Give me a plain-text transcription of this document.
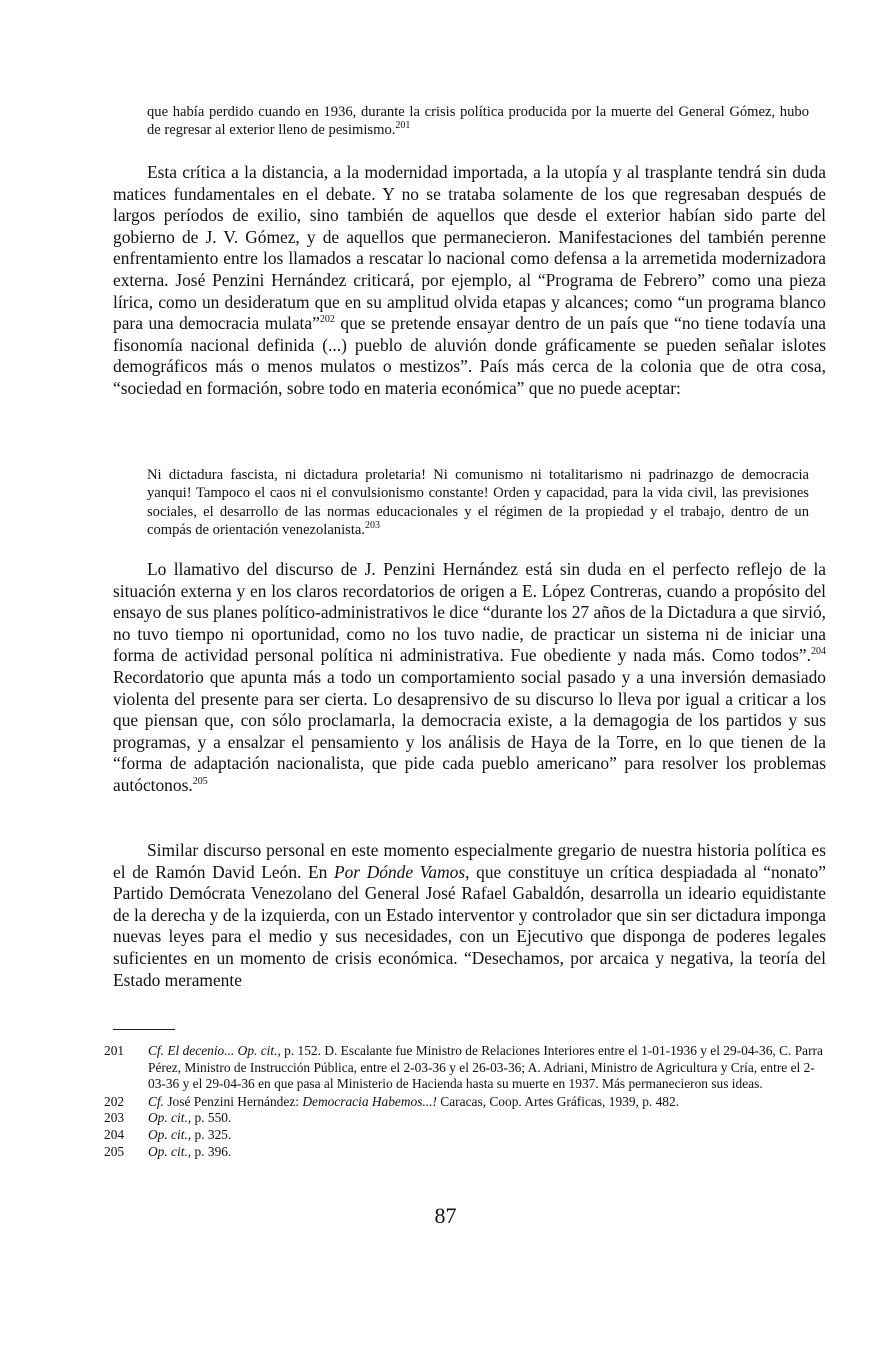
que había perdido cuando en 1936, durante la crisis política producida por la muerte del General Gómez, hubo de regresar al exterior lleno de pesimismo.$^{201}$
Esta crítica a la distancia, a la modernidad importada, a la utopía y al trasplante tendrá sin duda matices fundamentales en el debate. Y no se trataba solamente de los que regresaban después de largos períodos de exilio, sino también de aquellos que desde el exterior habían sido parte del gobierno de J. V. Gómez, y de aquellos que permanecieron. Manifestaciones del también perenne enfrentamiento entre los llamados a rescatar lo nacional como defensa a la arremetida modernizadora externa. José Penzini Hernández criticará, por ejemplo, al “Programa de Febrero” como una pieza lírica, como un desideratum que en su amplitud olvida etapas y alcances; como “un programa blanco para una democracia mulata”$^{202}$ que se pretende ensayar dentro de un país que “no tiene todavía una fisonomía nacional definida (...) pueblo de aluvión donde gráficamente se pueden señalar islotes demográficos más o menos mulatos o mestizos”. País más cerca de la colonia que de otra cosa, “sociedad en formación, sobre todo en materia económica” que no puede aceptar:
Ni dictadura fascista, ni dictadura proletaria! Ni comunismo ni totalitarismo ni padrinazgo de democracia yanqui! Tampoco el caos ni el convulsionismo constante! Orden y capacidad, para la vida civil, las previsiones sociales, el desarrollo de las normas educacionales y el régimen de la propiedad y el trabajo, dentro de un compás de orientación venezolanista.$^{203}$
Lo llamativo del discurso de J. Penzini Hernández está sin duda en el perfecto reflejo de la situación externa y en los claros recordatorios de origen a E. López Contreras, cuando a propósito del ensayo de sus planes político-administrativos le dice “durante los 27 años de la Dictadura a que sirvió, no tuvo tiempo ni oportunidad, como no los tuvo nadie, de practicar un sistema ni de iniciar una forma de actividad personal política ni administrativa. Fue obediente y nada más. Como todos”.$^{204}$ Recordatorio que apunta más a todo un comportamiento social pasado y a una inversión demasiado violenta del presente para ser cierta. Lo desaprensivo de su discurso lo lleva por igual a criticar a los que piensan que, con sólo proclamarla, la democracia existe, a la demagogia de los partidos y sus programas, y a ensalzar el pensamiento y los análisis de Haya de la Torre, en lo que tienen de la “forma de adaptación nacionalista, que pide cada pueblo americano” para resolver los problemas autóctonos.$^{205}$
Similar discurso personal en este momento especialmente gregario de nuestra historia política es el de Ramón David León. En Por Dónde Vamos, que constituye un crítica despiadada al “nonato” Partido Demócrata Venezolano del General José Rafael Gabaldón, desarrolla un ideario equidistante de la derecha y de la izquierda, con un Estado interventor y controlador que sin ser dictadura imponga nuevas leyes para el medio y sus necesidades, con un Ejecutivo que disponga de poderes legales suficientes en un momento de crisis económica. “Desechamos, por arcaica y negativa, la teoría del Estado meramente
201	Cf. El decenio... Op. cit., p. 152. D. Escalante fue Ministro de Relaciones Interiores entre el 1-01-1936 y el 29-04-36, C. Parra Pérez, Ministro de Instrucción Pública, entre el 2-03-36 y el 26-03-36; A. Adriani, Ministro de Agricultura y Cría, entre el 2-03-36 y el 29-04-36 en que pasa al Ministerio de Hacienda hasta su muerte en 1937. Más permanecieron sus ideas.
202	Cf. José Penzini Hernández: Democracia Habemos...! Caracas, Coop. Artes Gráficas, 1939, p. 482.
203	Op. cit., p. 550.
204	Op. cit., p. 325.
205	Op. cit., p. 396.
87
